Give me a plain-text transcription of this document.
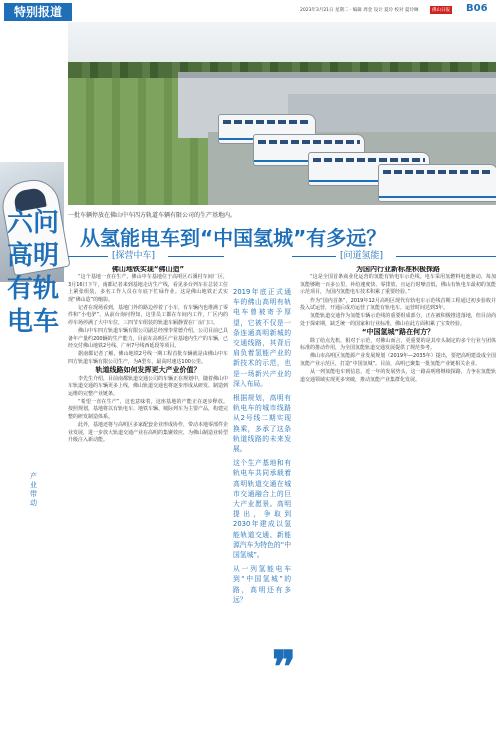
特别报道	2023年3月21日 星期二 · 编辑 周金 设计 夏玲 校对 夏玲琳	佛山日报 B06
六问高明有轨电车
产业带动
一批车辆停放在佛山中车四方轨道车辆有限公司的生产基地内。
从氢能电车到“中国氢城”有多远？
[探营中车]	[问道氢能]

佛山地铁实现“佛山造”

“这个基地一直在生产，佛山中车基地位于高明区石溪村车间厂区，3月16日下午，南都记者来到基地走访生产线，看见多台列车在总装工位上紧张组装，多名工作人员在车底下忙碌作业。这是佛山地铁正式实现“佛山造”的缩影。

记者在现场看到，基地门外的路边停着了小车，有车辆内也堆满了零件和“小电驴”，从前台询问得知，这里员工都在车间内工作，厂区内的停车场停满了大中车位，三四节车组装的轨道车厢静置在厂房门口。

佛山中车四方轨道车辆有限公司副总经理李常德介绍，公司目前已具备年产量约200辆的生产能力，目前在高明区产业基地内生产的车辆，已经交付佛山地铁2号线、广州7号线西延段等项目。

据南都记者了解，佛山地铁2号线一期工程首批车辆就是由佛山中车四方轨道车辆有限公司生产，为A型车，最高时速达100公里。

轨道线路如何发挥更大产业价值？

李先生介绍，目前南都轨道交通公司的车辆正在规划中，随着佛山中车轨道交通的车辆更多上线，佛山轨道交通也将逐步形成从研发、制造到运维的完整产业链条。

“希望一直在生产”，这也意味着，这座基地的产能正在逐步释放。按照规划，基地将以有轨电车、地铁车辆、城际列车为主要产品，构建完整的研发制造体系。

此外，基地还将与高明区多家配套企业形成协作，带动本地零部件企业发展，进一步放大轨道交通产业在高明的集聚效应，为佛山制造业转型升级注入新动能。

2019年底正式通车的佛山高明有轨电车曾被寄予厚望，它被不仅是一条连通高明新城的交通线路，其背后肩负着氢能产业的新技术的示范，也是一场新兴产业的深入布局。

根据规划，高明有轨电车的城市线路从2号线二期实现换乘，多承了这条轨道线路的未来发展。

这个生产基地和有轨电车共同承载着高明轨道交通在城市交通融合上的巨大产业愿景。高明提出，争取到2030年建成以氢能轨道交通、新能源汽车为特色的“中国氢城”。

从一列氢能电车到“中国氢城”的路，高明还有多远？

❞

为国内行业新标准积极探路

“这是全国首条商业化运营的氢能有轨电车示范线。电车采用氢燃料电池驱动，每加氢能够跑一百多公里，补给速度快、零排放，且运行时噪音低，佛山有轨电车最初的氢能示范项目，为国内氢能电车技术积累了重要经验。”

作为“国内首条”，2019年12月高明区现代有轨电车示范线首期工程通过初步验收并投入试运营，开通后成功运营了氢能有轨电车，运营时间达到3年。

氢能轨道交通作为氢能车辆示范线的重要组成部分，正在被积极推进落地，但目前尚处于探索期，缺乏统一的国家和行业标准，佛山在此方面积累了宝贵经验。

“中国氢城”路在何方？

除了给点先机，相对于示范，对佛山而言，更重要的是其牵头制定的多个行业与团体标准的推动作用，为全国氢能轨道交通发展提供了规范参考。

佛山市高明区氢能源产业发展规划（2019年—2035年）提出，要把高明建设成全国氢能产业示范区，打造“中国氢城”。目前，高明已聚集一批氢能产业链相关企业。

从一列氢能电车到信息，近一年的发展势头，这一路高明将继续探路，力争在氢能轨道交通领域实现更多突破，推动氢能产业集群化发展。
